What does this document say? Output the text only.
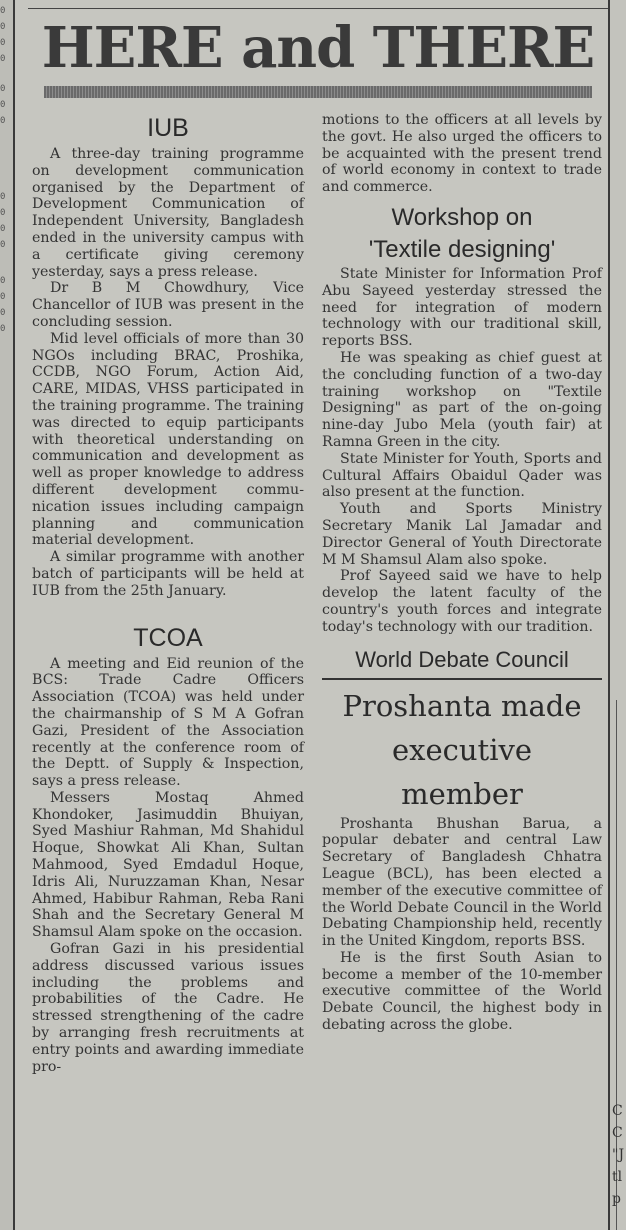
0
0
0
0
0
0
0
0
0
0
0
0
0
0
0
C
C
"J
tl
p
HERE and THERE
IUB

A three-day training programme on development communication organised by the Department of Development Communication of Independent University, Bangladesh ended in the university campus with a certificate giving ceremony yesterday, says a press release.

Dr B M Chowdhury, Vice Chancellor of IUB was present in the concluding session.

Mid level officials of more than 30 NGOs including BRAC, Proshika, CCDB, NGO Forum, Action Aid, CARE, MIDAS, VHSS participated in the training programme. The training was directed to equip participants with theoretical understanding on communication and development as well as proper knowledge to address different development communication issues including campaign planning and communication material development.

A similar programme with another batch of participants will be held at IUB from the 25th January.

TCOA

A meeting and Eid reunion of the BCS: Trade Cadre Officers Association (TCOA) was held under the chairmanship of S M A Gofran Gazi, President of the Association recently at the conference room of the Deptt. of Supply & Inspection, says a press release.

Messers Mostaq Ahmed Khondoker, Jasimuddin Bhuiyan, Syed Mashiur Rahman, Md Shahidul Hoque, Showkat Ali Khan, Sultan Mahmood, Syed Emdadul Hoque, Idris Ali, Nuruzzaman Khan, Nesar Ahmed, Habibur Rahman, Reba Rani Shah and the Secretary General M Shamsul Alam spoke on the occasion.

Gofran Gazi in his presidential address discussed various issues including the problems and probabilities of the Cadre. He stressed strengthening of the cadre by arranging fresh recruitments at entry points and awarding immediate pro-

motions to the officers at all levels by the govt. He also urged the officers to be acquainted with the present trend of world economy in context to trade and commerce.

Workshop on
'Textile designing'

State Minister for Information Prof Abu Sayeed yesterday stressed the need for integration of modern technology with our traditional skill, reports BSS.

He was speaking as chief guest at the concluding function of a two-day training workshop on "Textile Designing" as part of the on-going nine-day Jubo Mela (youth fair) at Ramna Green in the city.

State Minister for Youth, Sports and Cultural Affairs Obaidul Qader was also present at the function.

Youth and Sports Ministry Secretary Manik Lal Jamadar and Director General of Youth Directorate M M Shamsul Alam also spoke.

Prof Sayeed said we have to help develop the latent faculty of the country's youth forces and integrate today's technology with our tradition.

World Debate Council
Proshanta made
executive
member

Proshanta Bhushan Barua, a popular debater and central Law Secretary of Bangladesh Chhatra League (BCL), has been elected a member of the executive committee of the World Debate Council in the World Debating Championship held, recently in the United Kingdom, reports BSS.

He is the first South Asian to become a member of the 10-member executive committee of the World Debate Council, the highest body in debating across the globe.
